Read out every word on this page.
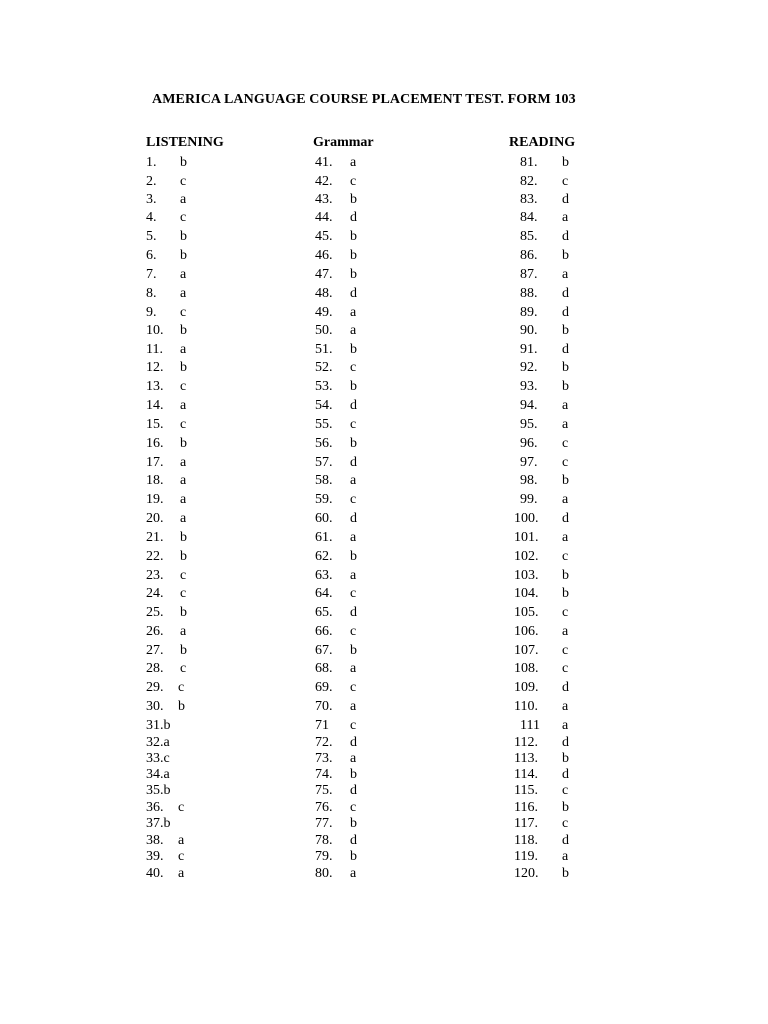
AMERICA LANGUAGE COURSE PLACEMENT TEST. FORM 103
LISTENING	Grammar	READING
1. b
2. c
3. a
4. c
5. b
6. b
7. a
8. a
9. c
10. b
11. a
12. b
13. c
14. a
15. c
16. b
17. a
18. a
19. a
20. a
21. b
22. b
23. c
24. c
25. b
26. a
27. b
28. c
29. c
30. b
31.b
32.a
33.c
34.a
35.b
36. c
37.b
38. a
39. c
40. a
41. a
42. c
43. b
44. d
45. b
46. b
47. b
48. d
49. a
50. a
51. b
52. c
53. b
54. d
55. c
56. b
57. d
58. a
59. c
60. d
61. a
62. b
63. a
64. c
65. d
66. c
67. b
68. a
69. c
70. a
71 c
72. d
73. a
74. b
75. d
76. c
77. b
78. d
79. b
80. a
81. b
82. c
83. d
84. a
85. d
86. b
87. a
88. d
89. d
90. b
91. d
92. b
93. b
94. a
95. a
96. c
97. c
98. b
99. a
100. d
101. a
102. c
103. b
104. b
105. c
106. a
107. c
108. c
109. d
110. a
111 a
112. d
113. b
114. d
115. c
116. b
117. c
118. d
119. a
120. b
